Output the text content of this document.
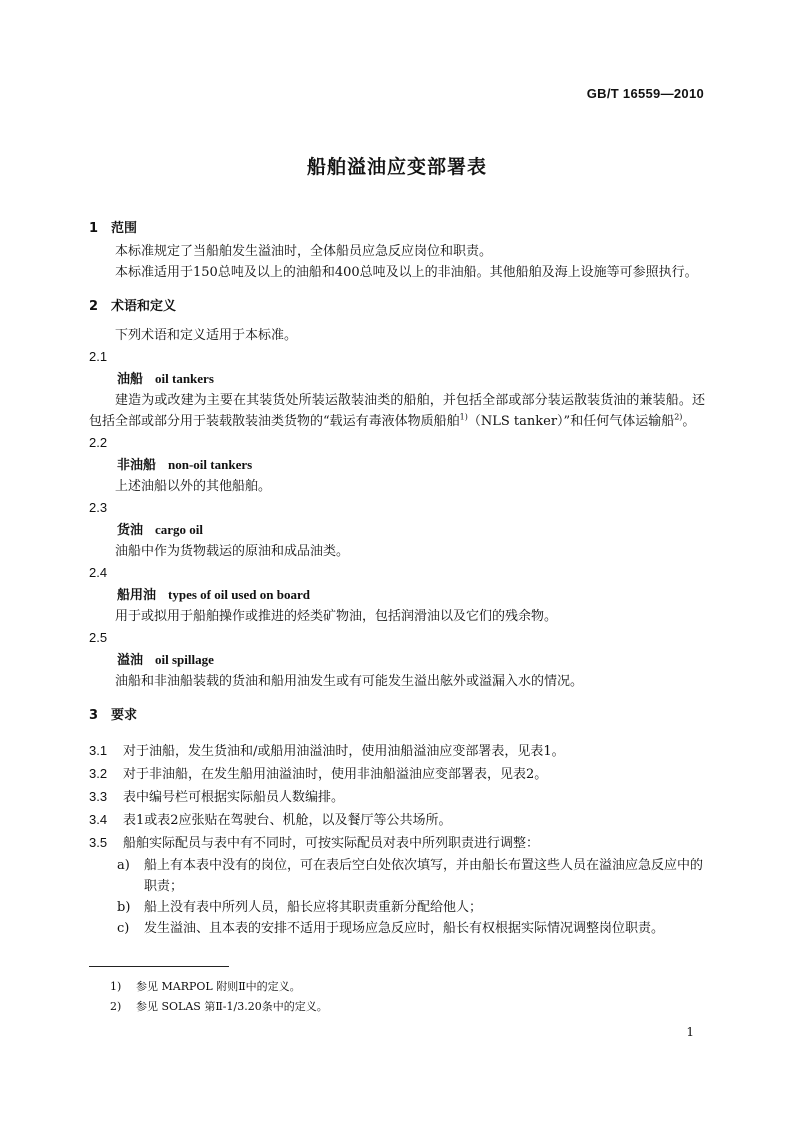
GB/T 16559—2010
船舶溢油应变部署表
1 范围
本标准规定了当船舶发生溢油时，全体船员应急反应岗位和职责。
本标准适用于150总吨及以上的油船和400总吨及以上的非油船。其他船舶及海上设施等可参照执行。
2 术语和定义
下列术语和定义适用于本标准。
2.1
油船 oil tankers
建造为或改建为主要在其装货处所装运散装油类的船舶，并包括全部或部分装运散装货油的兼装船。还包括全部或部分用于装载散装油类货物的“载运有毒液体物质船舶$^{1)}$（NLS tanker）”和任何气体运输船$^{2)}$。
2.2
非油船 non-oil tankers
上述油船以外的其他船舶。
2.3
货油 cargo oil
油船中作为货物载运的原油和成品油类。
2.4
船用油 types of oil used on board
用于或拟用于船舶操作或推进的烃类矿物油，包括润滑油以及它们的残余物。
2.5
溢油 oil spillage
油船和非油船装载的货油和船用油发生或有可能发生溢出舷外或溢漏入水的情况。
3 要求
3.1 对于油船，发生货油和/或船用油溢油时，使用油船溢油应变部署表，见表1。
3.2 对于非油船，在发生船用油溢油时，使用非油船溢油应变部署表，见表2。
3.3 表中编号栏可根据实际船员人数编排。
3.4 表1或表2应张贴在驾驶台、机舱，以及餐厅等公共场所。
3.5 船舶实际配员与表中有不同时，可按实际配员对表中所列职责进行调整：
a) 船上有本表中没有的岗位，可在表后空白处依次填写，并由船长布置这些人员在溢油应急反应中的职责；
b) 船上没有表中所列人员，船长应将其职责重新分配给他人；
c) 发生溢油、且本表的安排不适用于现场应急反应时，船长有权根据实际情况调整岗位职责。
1) 参见 MARPOL 附则Ⅱ中的定义。
2) 参见 SOLAS 第Ⅱ-1/3.20条中的定义。
1
